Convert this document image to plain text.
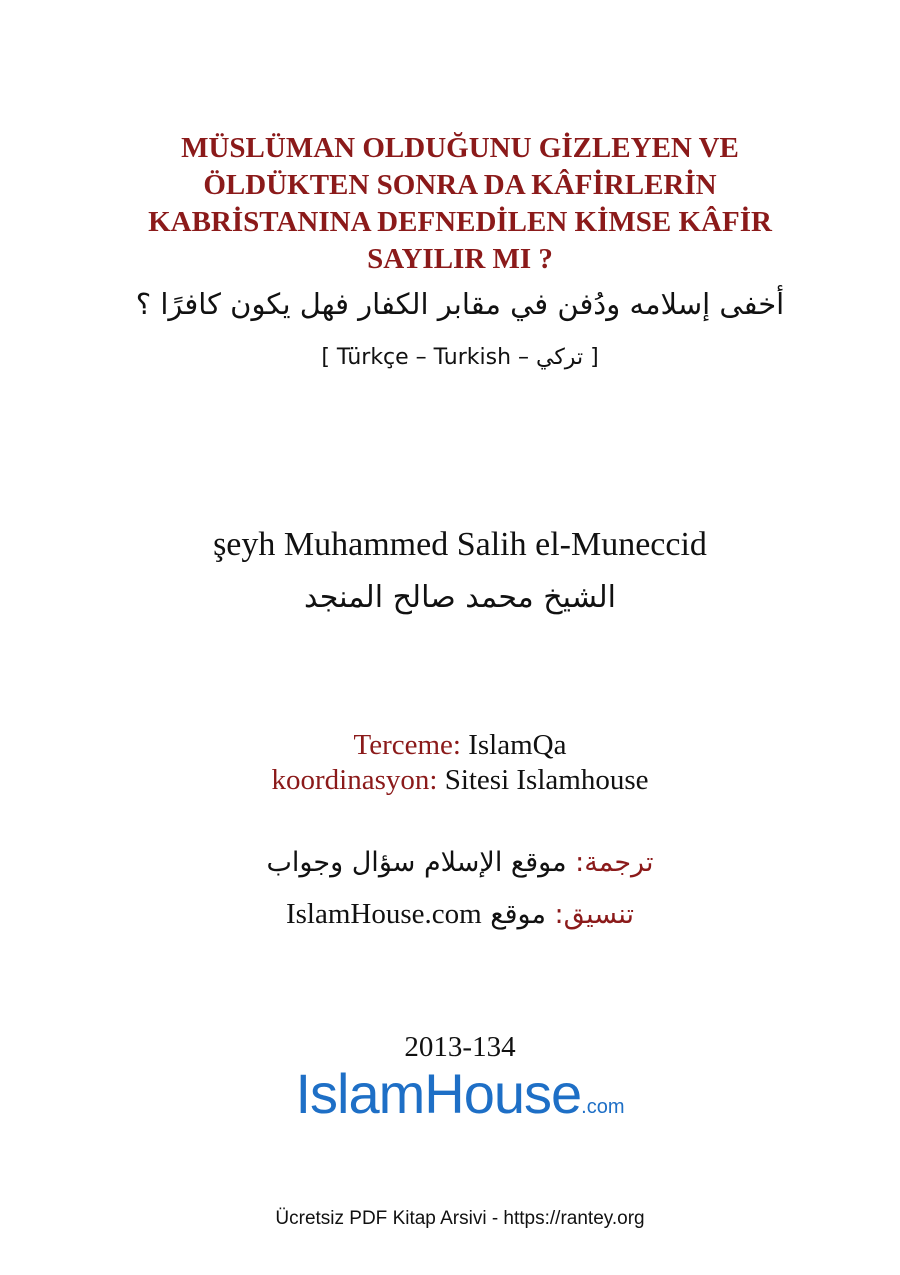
MÜSLÜMAN OLDUĞUNU GİZLEYEN VE

ÖLDÜKTEN SONRA DA KÂFİRLERİN

KABRİSTANINA DEFNEDİLEN KİMSE KÂFİR

SAYILIR MI ?

أخفى إسلامه ودُفن في مقابر الكفار فهل يكون كافرًا ؟
[ Türkçe – Turkish – تركي ]
şeyh Muhammed Salih el-Muneccid
الشيخ محمد صالح المنجد
Terceme: IslamQa
koordinasyon: Sitesi Islamhouse
ترجمة: موقع الإسلام سؤال وجواب
تنسيق: موقع IslamHouse.com
2013-134
IslamHouse.com
Ücretsiz PDF Kitap Arsivi - https://rantey.org
